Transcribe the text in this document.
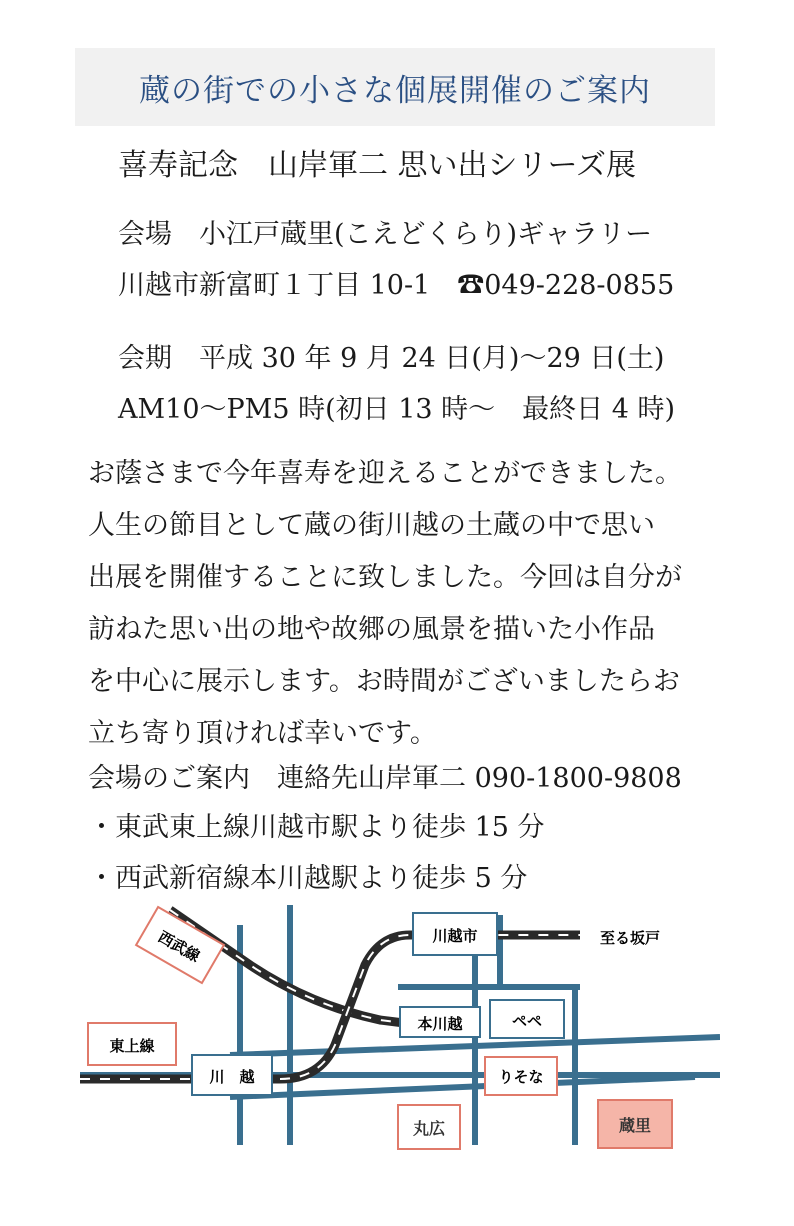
蔵の街での小さな個展開催のご案内
喜寿記念　山岸軍二 思い出シリーズ展
会場　小江戸蔵里(こえどくらり)ギャラリー
川越市新富町１丁目 10-1　☎049-228-0855
会期　平成 30 年 9 月 24 日(月)～29 日(土)
AM10～PM5 時(初日 13 時～　最終日 4 時)
お蔭さまで今年喜寿を迎えることができました。
人生の節目として蔵の街川越の土蔵の中で思い
出展を開催することに致しました。今回は自分が
訪ねた思い出の地や故郷の風景を描いた小作品
を中心に展示します。お時間がございましたらお
立ち寄り頂ければ幸いです。
会場のご案内　連絡先山岸軍二 090-1800-9808
・東武東上線川越市駅より徒歩 15 分
・西武新宿線本川越駅より徒歩 5 分
川越市	至る坂戸
西武線
東上線
本川越	ペペ
川　越	りそな
丸広	蔵里
